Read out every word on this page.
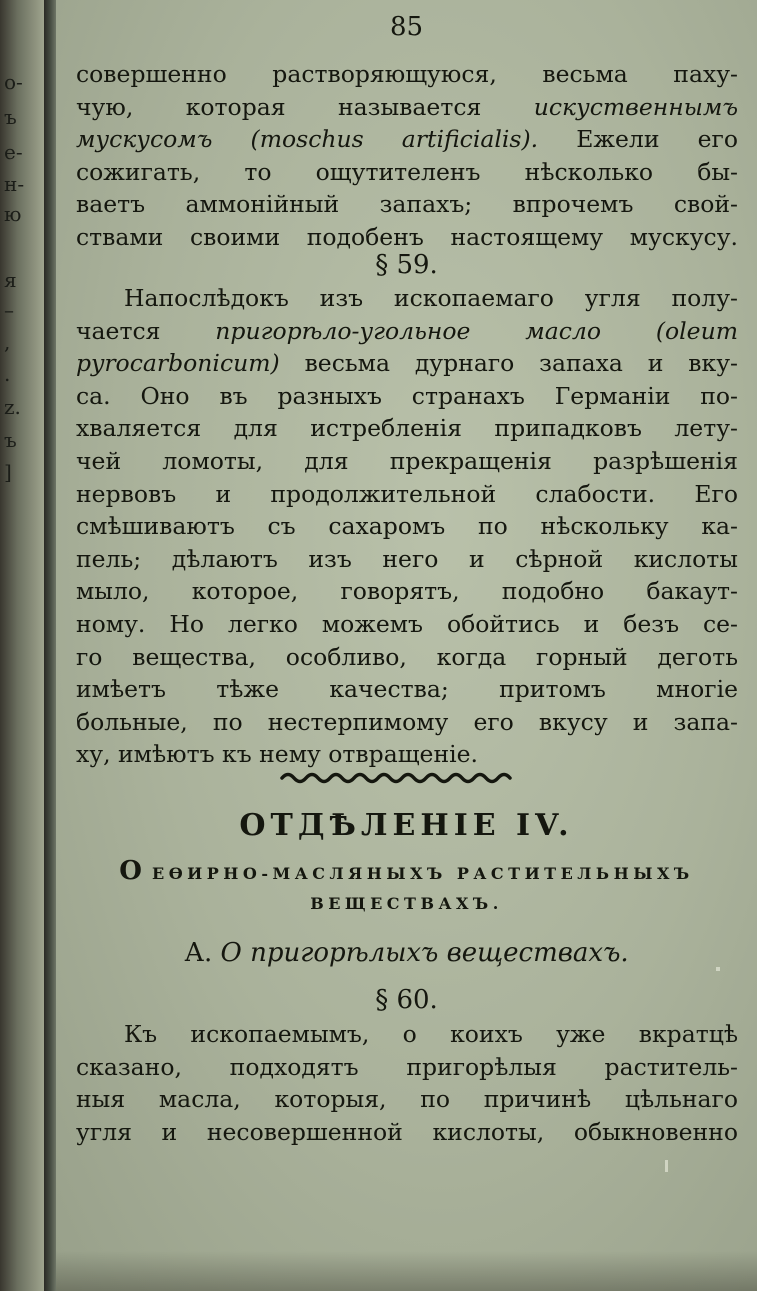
о-
ъ
е-
н-
ю
я
–
,
.
z.
ъ
]
85
совершенно растворяющуюся, весьма паху-
чую, которая называется искуственнымъ
мускусомъ (moschus artificialis). Ежели его
сожигать, то ощутителенъ нѣсколько бы-
ваетъ аммонійный запахъ; впрочемъ свой-
ствами своими подобенъ настоящему мускусу.
§ 59.
Напослѣдокъ изъ ископаемаго угля полу-
чается пригорѣло-угольное масло (oleum
pyrocarbonicum) весьма дурнаго запаха и вку-
са. Оно въ разныхъ странахъ Германіи по-
хваляется для истребленія припадковъ лету-
чей ломоты, для прекращенія разрѣшенія
нервовъ и продолжительной слабости. Его
смѣшиваютъ съ сахаромъ по нѣскольку ка-
пель; дѣлаютъ изъ него и сѣрной кислоты
мыло, которое, говорятъ, подобно бакаут-
ному. Но легко можемъ обойтись и безъ се-
го вещества, особливо, когда горный деготь
имѣетъ тѣже качества; притомъ многіе
больные, по нестерпимому его вкусу и запа-
ху, имѣютъ къ нему отвращеніе.
ОТДѢЛЕНІЕ IV.
О ЕѲИРНО-МАСЛЯНЫХЪ РАСТИТЕЛЬНЫХЪ
ВЕЩЕСТВАХЪ.
А. О пригорѣлыхъ веществахъ.
§ 60.
Къ ископаемымъ, о коихъ уже вкратцѣ
сказано, подходятъ пригорѣлыя раститель-
ныя масла, которыя, по причинѣ цѣльнаго
угля и несовершенной кислоты, обыкновенно
